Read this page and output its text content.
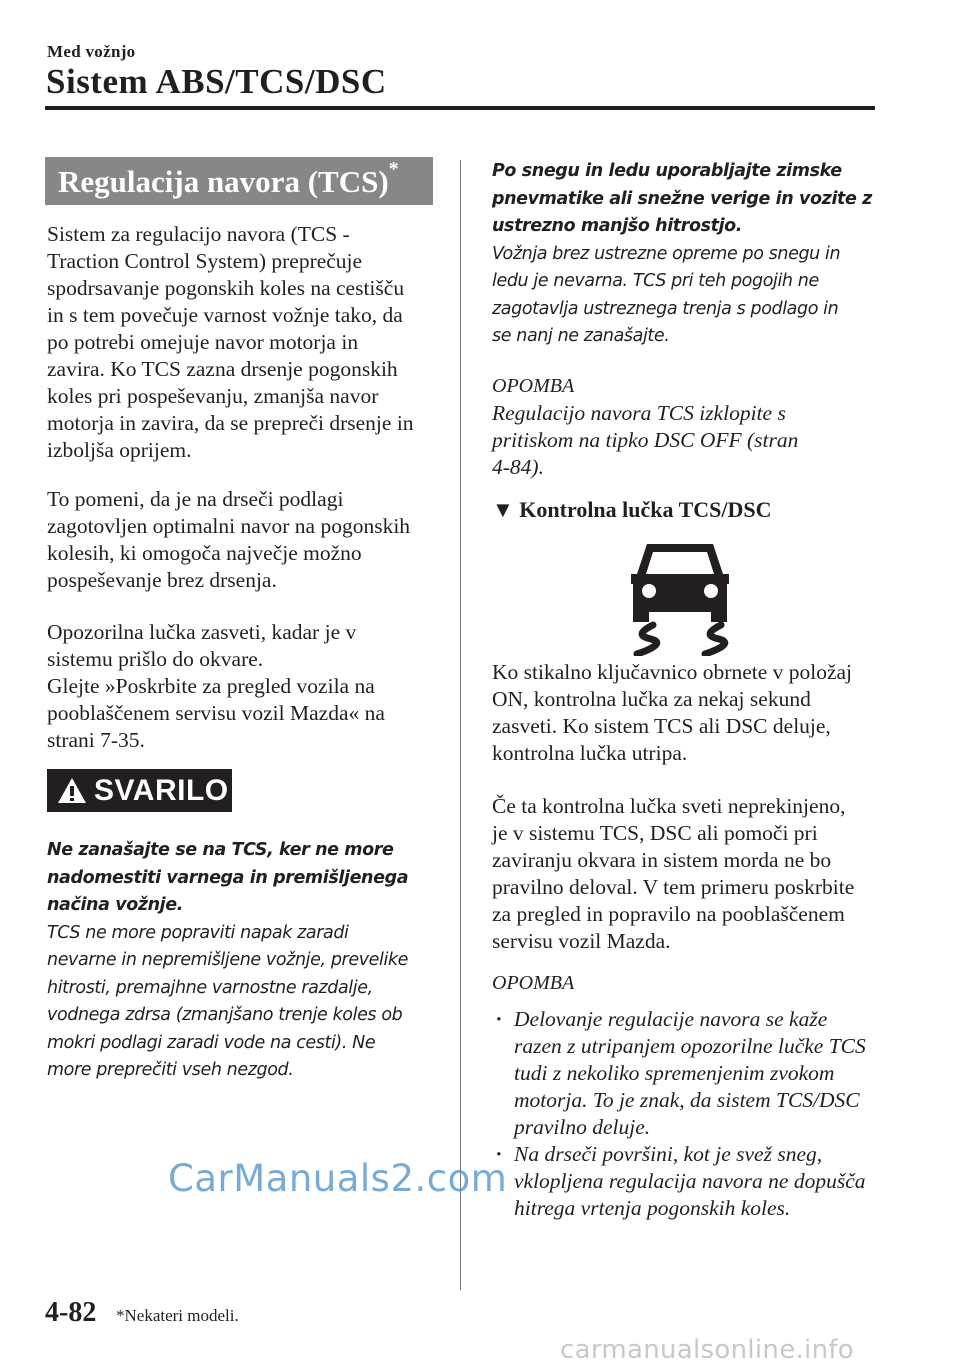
Med vožnjo
Sistem ABS/TCS/DSC
Regulacija navora (TCS)*

Sistem za regulacijo navora (TCS -

Traction Control System) preprečuje

spodrsavanje pogonskih koles na cestišču

in s tem povečuje varnost vožnje tako, da

po potrebi omejuje navor motorja in

zavira. Ko TCS zazna drsenje pogonskih

koles pri pospeševanju, zmanjša navor

motorja in zavira, da se prepreči drsenje in

izboljša oprijem.

To pomeni, da je na drseči podlagi

zagotovljen optimalni navor na pogonskih

kolesih, ki omogoča največje možno

pospeševanje brez drsenja.

Opozorilna lučka zasveti, kadar je v

sistemu prišlo do okvare.

Glejte »Poskrbite za pregled vozila na

pooblaščenem servisu vozil Mazda« na

strani 7-35.

SVARILO

Ne zanašajte se na TCS, ker ne more

nadomestiti varnega in premišljenega

načina vožnje.

TCS ne more popraviti napak zaradi

nevarne in nepremišljene vožnje, prevelike

hitrosti, premajhne varnostne razdalje,

vodnega zdrsa (zmanjšano trenje koles ob

mokri podlagi zaradi vode na cesti). Ne

more preprečiti vseh nezgod.

Po snegu in ledu uporabljajte zimske

pnevmatike ali snežne verige in vozite z

ustrezno manjšo hitrostjo.

Vožnja brez ustrezne opreme po snegu in

ledu je nevarna. TCS pri teh pogojih ne

zagotavlja ustreznega trenja s podlago in

se nanj ne zanašajte.

OPOMBA

Regulacijo navora TCS izklopite s

pritiskom na tipko DSC OFF (stran

4-84).

▼ Kontrolna lučka TCS/DSC

Ko stikalno ključavnico obrnete v položaj

ON, kontrolna lučka za nekaj sekund

zasveti. Ko sistem TCS ali DSC deluje,

kontrolna lučka utripa.

Če ta kontrolna lučka sveti neprekinjeno,

je v sistemu TCS, DSC ali pomoči pri

zaviranju okvara in sistem morda ne bo

pravilno deloval. V tem primeru poskrbite

za pregled in popravilo na pooblaščenem

servisu vozil Mazda.

OPOMBA

· Delovanje regulacije navora se kaže

razen z utripanjem opozorilne lučke TCS

tudi z nekoliko spremenjenim zvokom

motorja. To je znak, da sistem TCS/DSC

pravilno deluje.

· Na drseči površini, kot je svež sneg,

vklopljena regulacija navora ne dopušča

hitrega vrtenja pogonskih koles.

4-82 *Nekateri modeli.
CarManuals2.com
carmanualsonline.info
